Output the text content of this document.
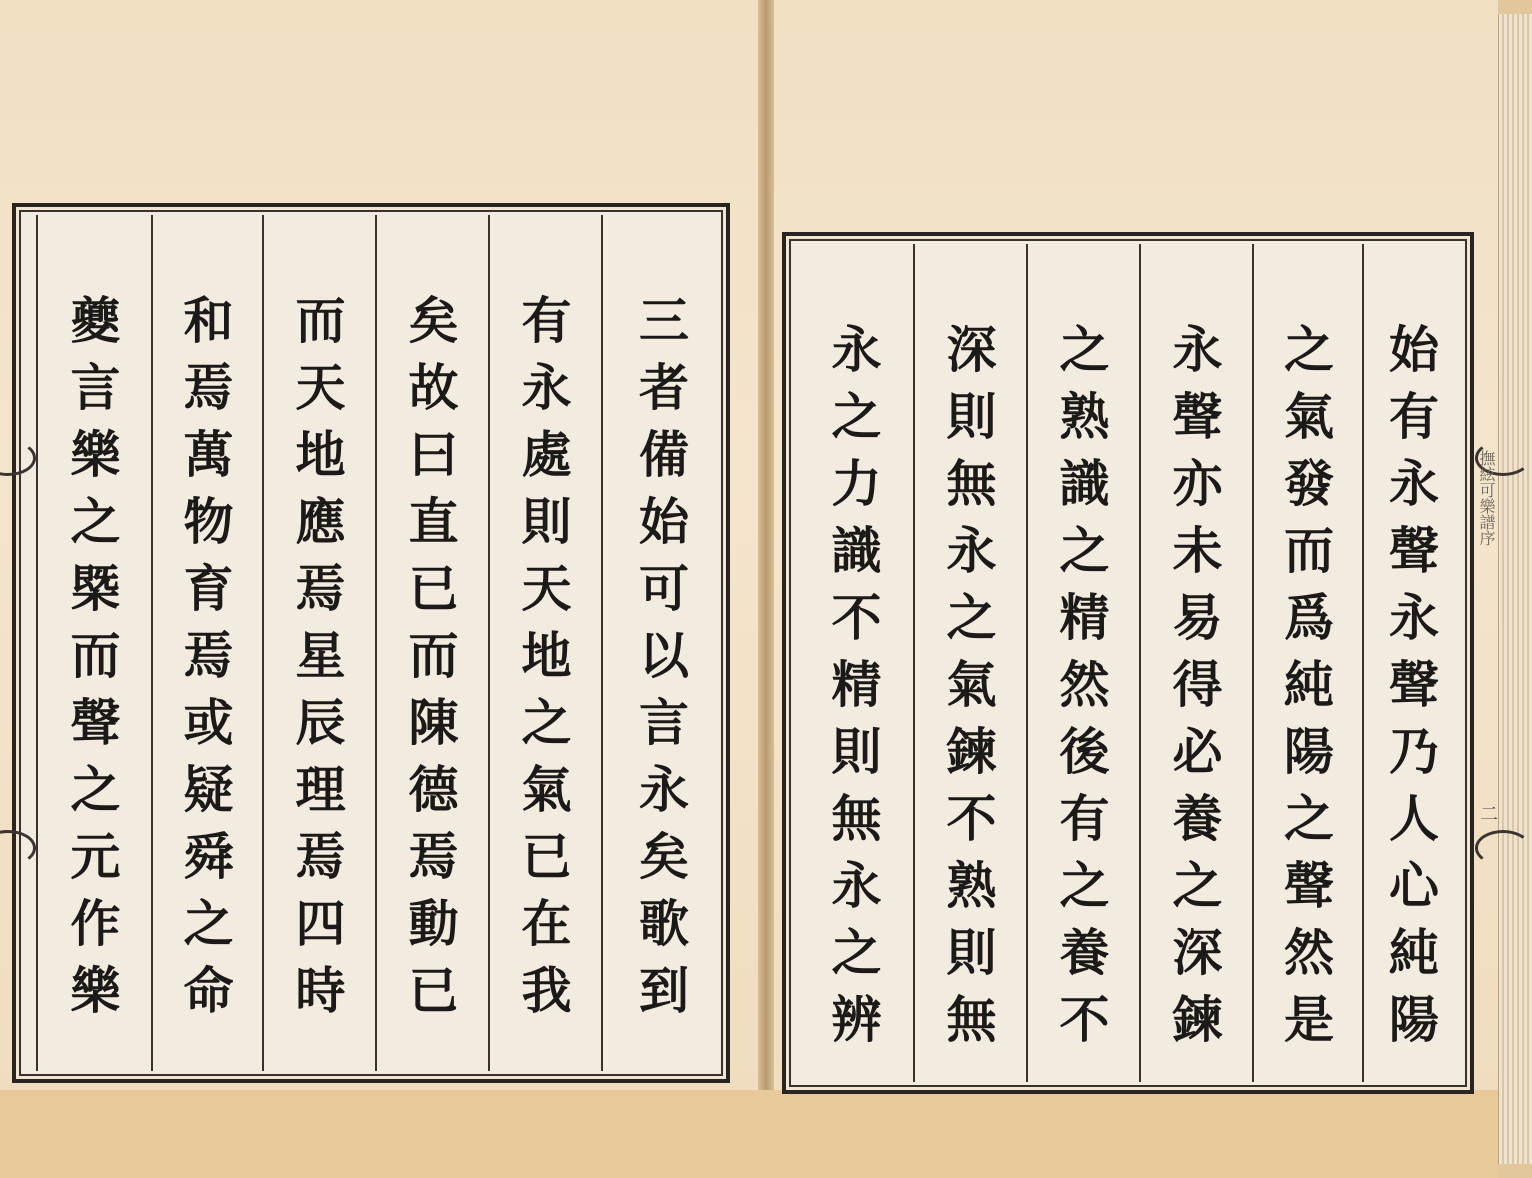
三
者
備
始
可
以
言
永
矣
歌
到
有
永
處
則
天
地
之
氣
已
在
我
矣
故
曰
直
已
而
陳
德
焉
動
已
而
天
地
應
焉
星
辰
理
焉
四
時
和
焉
萬
物
育
焉
或
疑
舜
之
命
夔
言
樂
之
槩
而
聲
之
元
作
樂
始
有
永
聲
永
聲
乃
人
心
純
陽
之
氣
發
而
爲
純
陽
之
聲
然
是
永
聲
亦
未
易
得
必
養
之
深
鍊
之
熟
識
之
精
然
後
有
之
養
不
深
則
無
永
之
氣
鍊
不
熟
則
無
永
之
力
識
不
精
則
無
永
之
辨
撫絃可樂譜序
二
